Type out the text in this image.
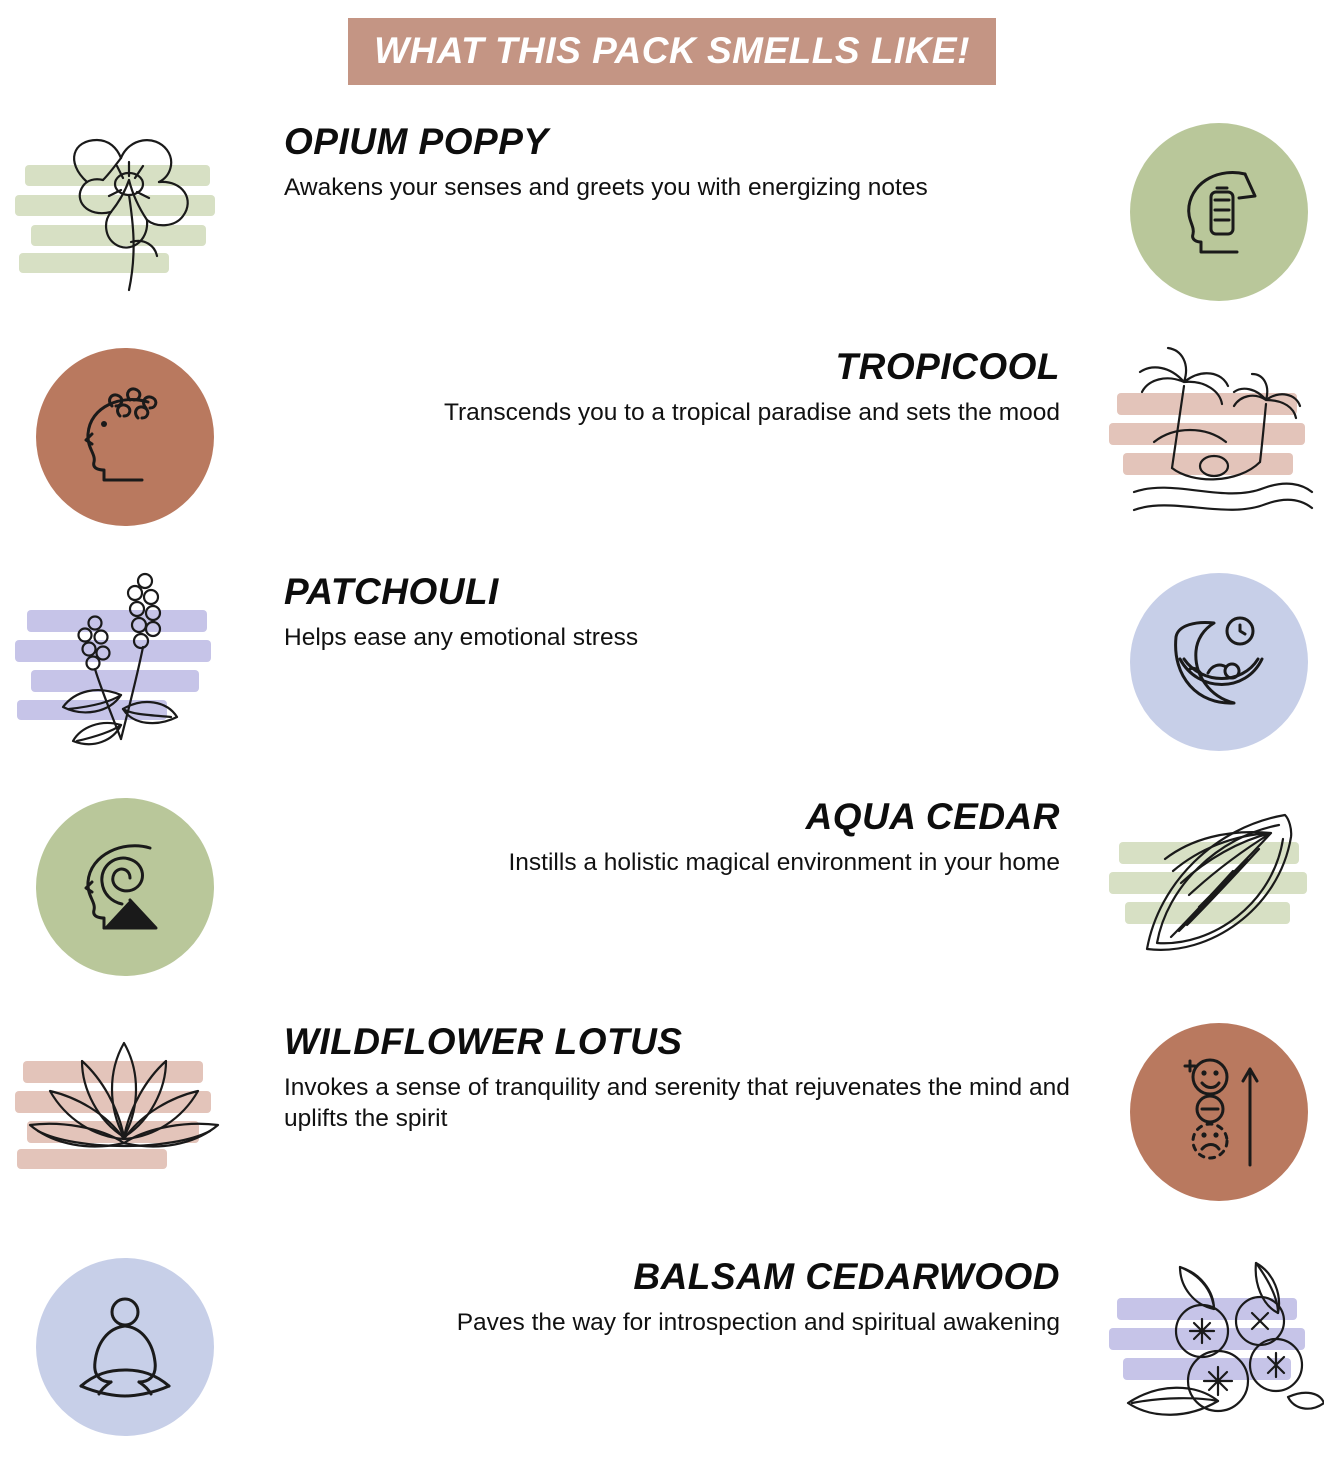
WHAT THIS PACK SMELLS LIKE!
OPIUM POPPY
Awakens your senses and greets you with energizing notes
TROPICOOL
Transcends you to a tropical paradise and sets the mood
PATCHOULI
Helps ease any emotional stress
AQUA CEDAR
Instills a holistic magical environment in your home
WILDFLOWER LOTUS
Invokes a sense of tranquility and serenity that rejuvenates the mind and uplifts the spirit
BALSAM CEDARWOOD
Paves the way for introspection and spiritual awakening
